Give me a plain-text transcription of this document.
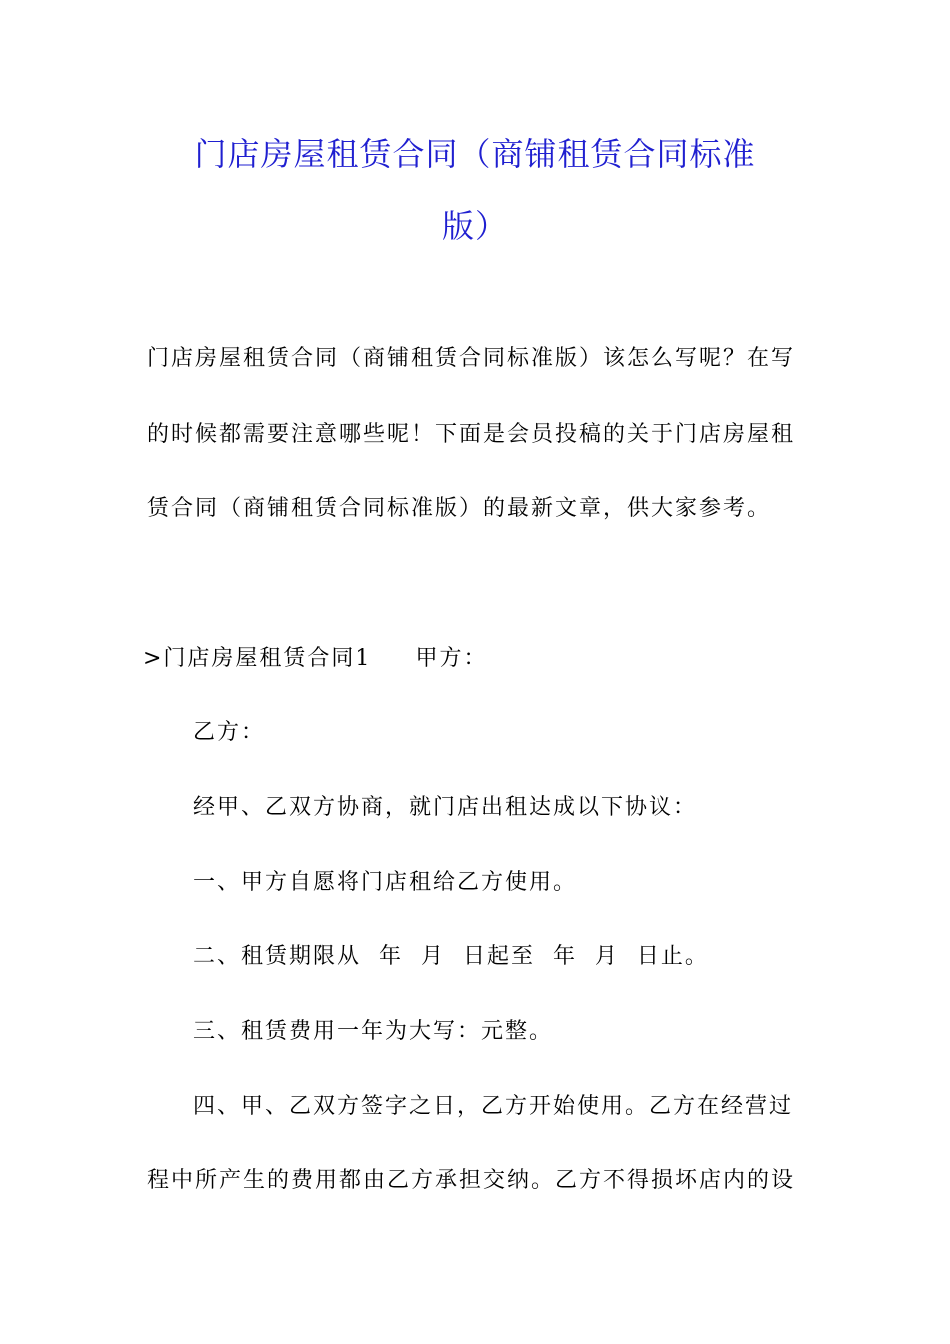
门店房屋租赁合同（商铺租赁合同标准
版）
门店房屋租赁合同（商铺租赁合同标准版）该怎么写呢？在写
的时候都需要注意哪些呢！下面是会员投稿的关于门店房屋租
赁合同（商铺租赁合同标准版）的最新文章，供大家参考。
>门店房屋租赁合同1 甲方：
乙方：
经甲、乙双方协商，就门店出租达成以下协议：
一、甲方自愿将门店租给乙方使用。
二、租赁期限从  年  月  日起至  年  月  日止。
三、租赁费用一年为大写：元整。
四、甲、乙双方签字之日，乙方开始使用。乙方在经营过
程中所产生的费用都由乙方承担交纳。乙方不得损坏店内的设
